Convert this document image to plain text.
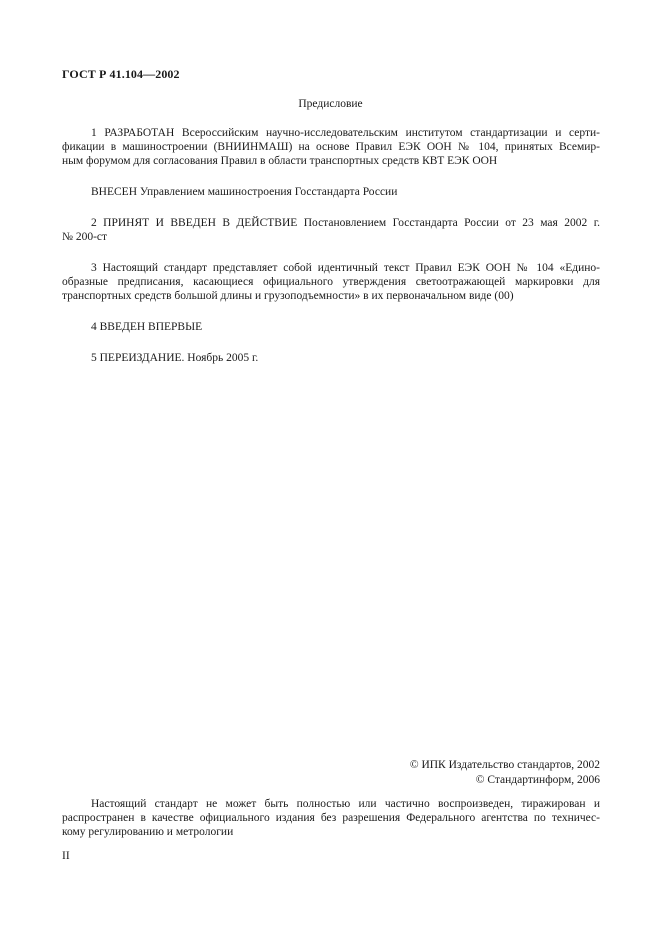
ГОСТ Р 41.104—2002
Предисловие
1 РАЗРАБОТАН Всероссийским научно-исследовательским институтом стандартизации и серти-
фикации в машиностроении (ВНИИНМАШ) на основе Правил ЕЭК ООН № 104, принятых Всемир-
ным форумом для согласования Правил в области транспортных средств КВТ ЕЭК ООН
ВНЕСЕН Управлением машиностроения Госстандарта России
2 ПРИНЯТ И ВВЕДЕН В ДЕЙСТВИЕ Постановлением Госстандарта России от 23 мая 2002 г.
№ 200-ст
3 Настоящий стандарт представляет собой идентичный текст Правил ЕЭК ООН № 104 «Едино-
образные предписания, касающиеся официального утверждения светоотражающей маркировки для
транспортных средств большой длины и грузоподъемности» в их первоначальном виде (00)
4 ВВЕДЕН ВПЕРВЫЕ
5 ПЕРЕИЗДАНИЕ. Ноябрь 2005 г.
© ИПК Издательство стандартов, 2002
© Стандартинформ, 2006
Настоящий стандарт не может быть полностью или частично воспроизведен, тиражирован и
распространен в качестве официального издания без разрешения Федерального агентства по техничес-
кому регулированию и метрологии
II
